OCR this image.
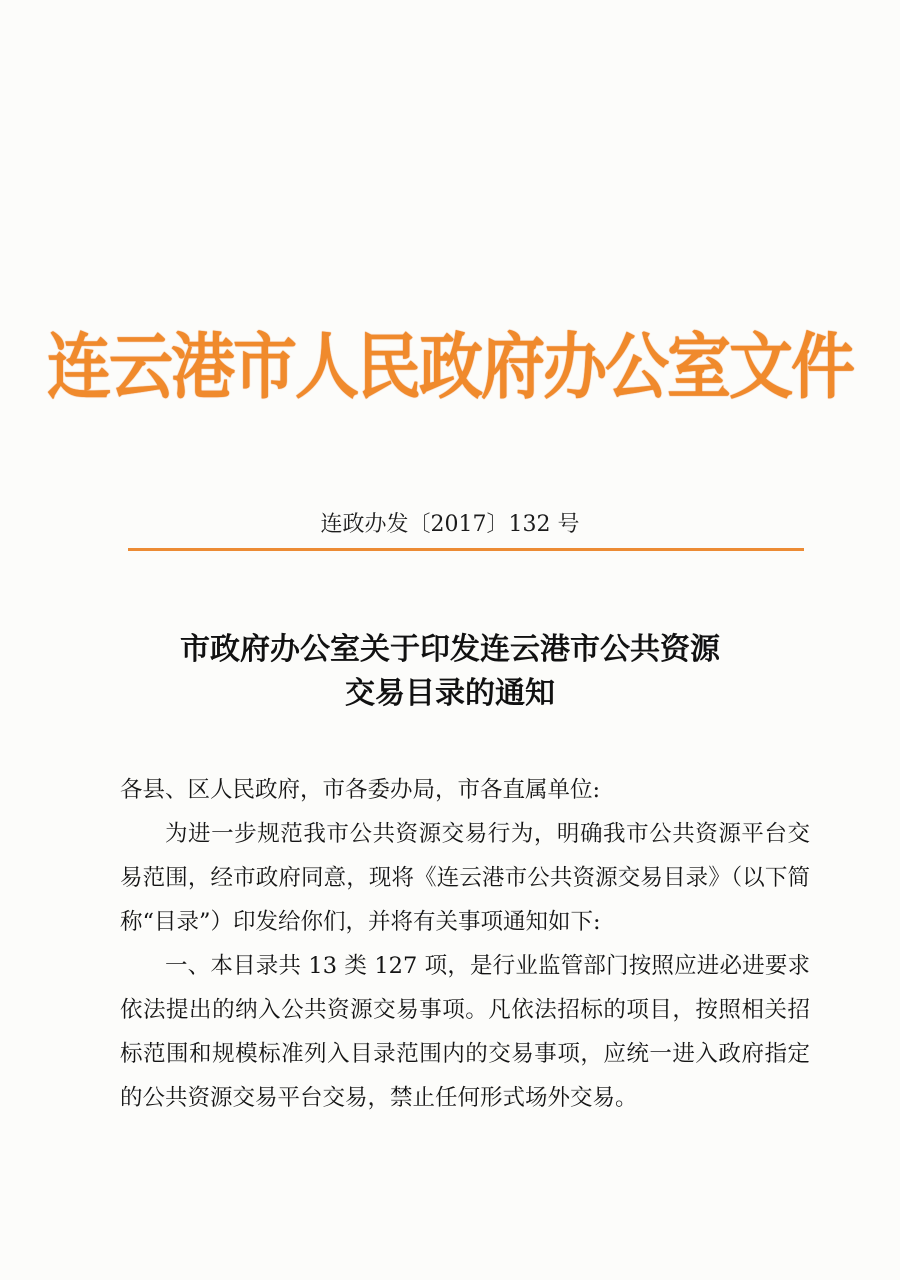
连云港市人民政府办公室文件
连政办发〔2017〕132 号
市政府办公室关于印发连云港市公共资源
交易目录的通知

各县、区人民政府，市各委办局，市各直属单位:

为进一步规范我市公共资源交易行为，明确我市公共资源平台交易范围，经市政府同意，现将《连云港市公共资源交易目录》（以下简称“目录”）印发给你们，并将有关事项通知如下:

一、本目录共 13 类 127 项，是行业监管部门按照应进必进要求依法提出的纳入公共资源交易事项。凡依法招标的项目，按照相关招标范围和规模标准列入目录范围内的交易事项，应统一进入政府指定的公共资源交易平台交易，禁止任何形式场外交易。
